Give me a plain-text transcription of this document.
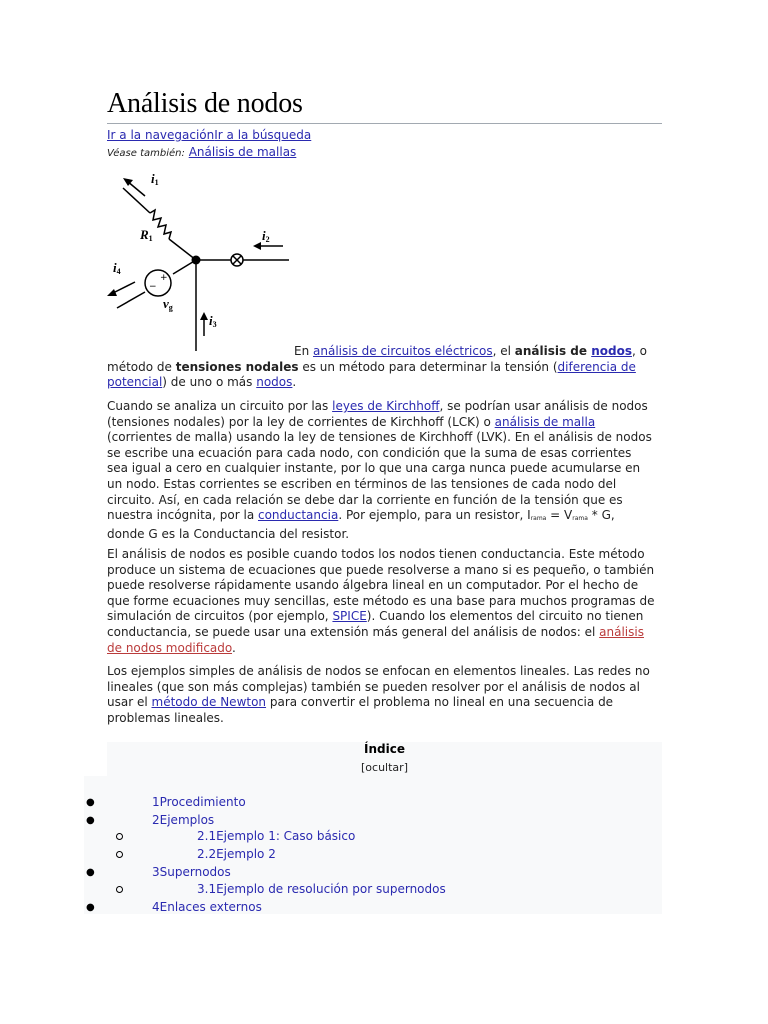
Análisis de nodos
Ir a la navegaciónIr a la búsqueda
Véase también: Análisis de mallas
i1
i2
i3
i4
R1
vg
−
+

En análisis de circuitos eléctricos, el análisis de nodos, o método de tensiones nodales es un método para determinar la tensión (diferencia de potencial) de uno o más nodos.

Cuando se analiza un circuito por las leyes de Kirchhoff, se podrían usar análisis de nodos (tensiones nodales) por la ley de corrientes de Kirchhoff (LCK) o análisis de malla (corrientes de malla) usando la ley de tensiones de Kirchhoff (LVK). En el análisis de nodos se escribe una ecuación para cada nodo, con condición que la suma de esas corrientes sea igual a cero en cualquier instante, por lo que una carga nunca puede acumularse en un nodo. Estas corrientes se escriben en términos de las tensiones de cada nodo del circuito. Así, en cada relación se debe dar la corriente en función de la tensión que es nuestra incógnita, por la conductancia. Por ejemplo, para un resistor, $I_{rama} = V_{rama} * G$, donde G es la Conductancia del resistor.

El análisis de nodos es posible cuando todos los nodos tienen conductancia. Este método produce un sistema de ecuaciones que puede resolverse a mano si es pequeño, o también puede resolverse rápidamente usando álgebra lineal en un computador. Por el hecho de que forme ecuaciones muy sencillas, este método es una base para muchos programas de simulación de circuitos (por ejemplo, SPICE). Cuando los elementos del circuito no tienen conductancia, se puede usar una extensión más general del análisis de nodos: el análisis de nodos modificado.

Los ejemplos simples de análisis de nodos se enfocan en elementos lineales. Las redes no lineales (que son más complejas) también se pueden resolver por el análisis de nodos al usar el método de Newton para convertir el problema no lineal en una secuencia de problemas lineales.

Índice
[ocultar]
●	1Procedimiento
●	2Ejemplos
2.1Ejemplo 1: Caso básico
2.2Ejemplo 2
●	3Supernodos
3.1Ejemplo de resolución por supernodos
●	4Enlaces externos
